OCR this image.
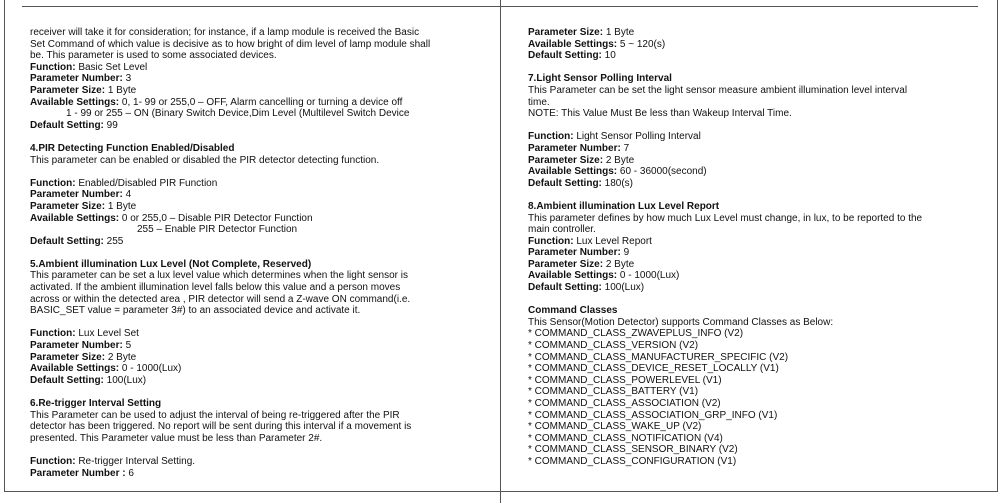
receiver will take it for consideration; for instance, if a lamp module is received the Basic
Set Command of which value is decisive as to how bright of dim level of lamp module shall
be. This parameter is used to some associated devices.
Function: Basic Set Level
Parameter Number: 3
Parameter Size: 1 Byte
Available Settings: 0, 1- 99 or 255,0 – OFF, Alarm cancelling or turning a device off
1 - 99 or 255 – ON (Binary Switch Device,Dim Level (Multilevel Switch Device
Default Setting: 99
4.PIR Detecting Function Enabled/Disabled
This parameter can be enabled or disabled the PIR detector detecting function.
Function: Enabled/Disabled PIR Function
Parameter Number: 4
Parameter Size: 1 Byte
Available Settings: 0 or 255,0 – Disable PIR Detector Function
255 – Enable PIR Detector Function
Default Setting: 255
5.Ambient illumination Lux Level (Not Complete, Reserved)
This parameter can be set a lux level value which determines when the light sensor is
activated. If the ambient illumination level falls below this value and a person moves
across or within the detected area , PIR detector will send a Z-wave ON command(i.e.
BASIC_SET value = parameter 3#) to an associated device and activate it.
Function: Lux Level Set
Parameter Number: 5
Parameter Size: 2 Byte
Available Settings: 0 - 1000(Lux)
Default Setting: 100(Lux)
6.Re-trigger Interval Setting
This Parameter can be used to adjust the interval of being re-triggered after the PIR
detector has been triggered. No report will be sent during this interval if a movement is
presented. This Parameter value must be less than Parameter 2#.
Function: Re-trigger Interval Setting.
Parameter Number : 6
Parameter Size: 1 Byte
Available Settings: 5 ~ 120(s)
Default Setting: 10
7.Light Sensor Polling Interval
This Parameter can be set the light sensor measure ambient illumination level interval
time.
NOTE: This Value Must Be less than Wakeup Interval Time.
Function: Light Sensor Polling Interval
Parameter Number: 7
Parameter Size: 2 Byte
Available Settings: 60 - 36000(second)
Default Setting: 180(s)
8.Ambient illumination Lux Level Report
This parameter defines by how much Lux Level must change, in lux, to be reported to the
main controller.
Function: Lux Level Report
Parameter Number: 9
Parameter Size: 2 Byte
Available Settings: 0 - 1000(Lux)
Default Setting: 100(Lux)
Command Classes
This Sensor(Motion Detector) supports Command Classes as Below:
* COMMAND_CLASS_ZWAVEPLUS_INFO (V2)
* COMMAND_CLASS_VERSION (V2)
* COMMAND_CLASS_MANUFACTURER_SPECIFIC (V2)
* COMMAND_CLASS_DEVICE_RESET_LOCALLY (V1)
* COMMAND_CLASS_POWERLEVEL (V1)
* COMMAND_CLASS_BATTERY (V1)
* COMMAND_CLASS_ASSOCIATION (V2)
* COMMAND_CLASS_ASSOCIATION_GRP_INFO (V1)
* COMMAND_CLASS_WAKE_UP (V2)
* COMMAND_CLASS_NOTIFICATION (V4)
* COMMAND_CLASS_SENSOR_BINARY (V2)
* COMMAND_CLASS_CONFIGURATION (V1)
